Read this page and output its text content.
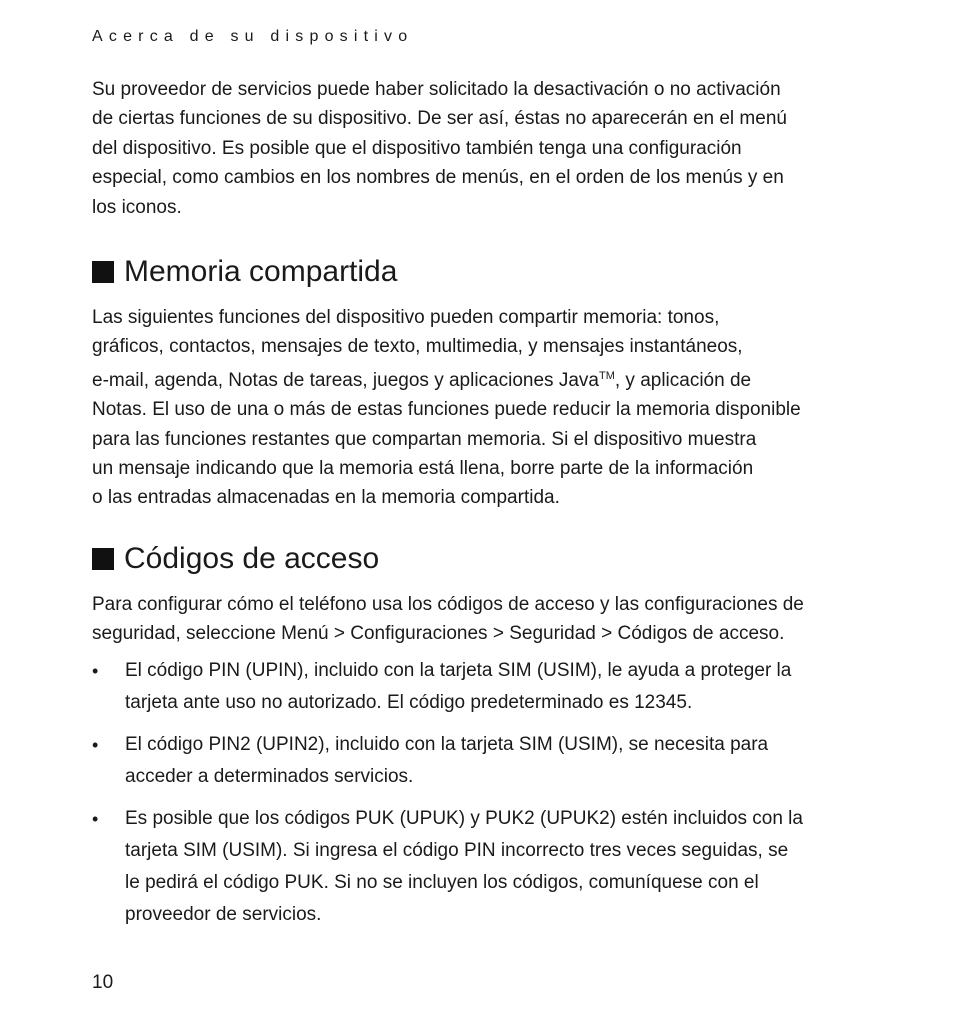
Acerca de su dispositivo

Su proveedor de servicios puede haber solicitado la desactivación o no activación
de ciertas funciones de su dispositivo. De ser así, éstas no aparecerán en el menú
del dispositivo. Es posible que el dispositivo también tenga una configuración
especial, como cambios en los nombres de menús, en el orden de los menús y en
los iconos.

Memoria compartida

Las siguientes funciones del dispositivo pueden compartir memoria: tonos,
gráficos, contactos, mensajes de texto, multimedia, y mensajes instantáneos,
e-mail, agenda, Notas de tareas, juegos y aplicaciones Java™, y aplicación de
Notas. El uso de una o más de estas funciones puede reducir la memoria disponible
para las funciones restantes que compartan memoria. Si el dispositivo muestra
un mensaje indicando que la memoria está llena, borre parte de la información
o las entradas almacenadas en la memoria compartida.

Códigos de acceso

Para configurar cómo el teléfono usa los códigos de acceso y las configuraciones de
seguridad, seleccione Menú > Configuraciones > Seguridad > Códigos de acceso.

• El código PIN (UPIN), incluido con la tarjeta SIM (USIM), le ayuda a proteger la
tarjeta ante uso no autorizado. El código predeterminado es 12345.
• El código PIN2 (UPIN2), incluido con la tarjeta SIM (USIM), se necesita para
acceder a determinados servicios.
• Es posible que los códigos PUK (UPUK) y PUK2 (UPUK2) estén incluidos con la
tarjeta SIM (USIM). Si ingresa el código PIN incorrecto tres veces seguidas, se
le pedirá el código PUK. Si no se incluyen los códigos, comuníquese con el
proveedor de servicios.
10
